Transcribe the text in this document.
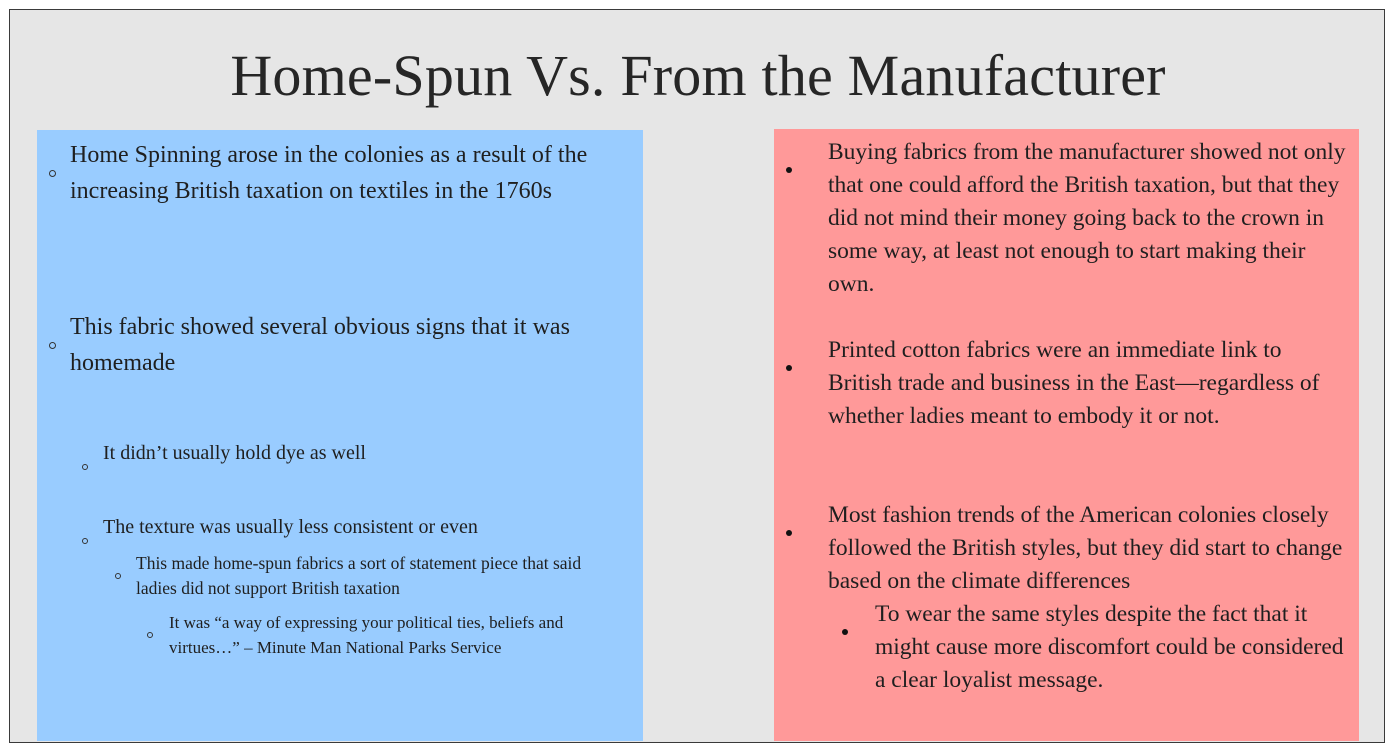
Home-Spun Vs. From the Manufacturer
Home Spinning arose in the colonies as a result of the increasing British taxation on textiles in the 1760s
This fabric showed several obvious signs that it was homemade
It didn’t usually hold dye as well
The texture was usually less consistent or even
This made home-spun fabrics a sort of statement piece that said ladies did not support British taxation
It was “a way of expressing your political ties, beliefs and virtues…” – Minute Man National Parks Service
Buying fabrics from the manufacturer showed not only that one could afford the British taxation, but that they did not mind their money going back to the crown in some way, at least not enough to start making their own.
Printed cotton fabrics were an immediate link to British trade and business in the East—regardless of whether ladies meant to embody it or not.
Most fashion trends of the American colonies closely followed the British styles, but they did start to change based on the climate differences
To wear the same styles despite the fact that it might cause more discomfort could be considered a clear loyalist message.
